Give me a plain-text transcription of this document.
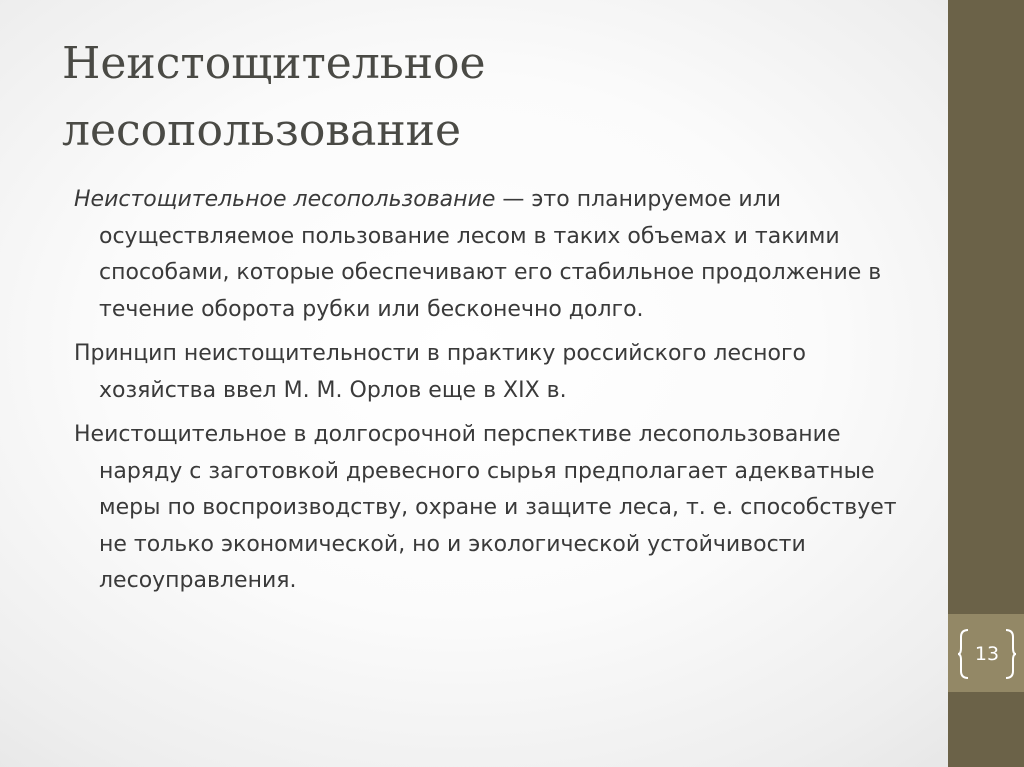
13
Неистощительное
лесопользование

Неистощительное лесопользование — это планируемое или осуществляемое пользование лесом в таких объемах и такими способами, которые обеспечивают его стабильное продолжение в течение оборота рубки или бесконечно долго.

Принцип неистощительности в практику российского лесного хозяйства ввел М. М. Орлов еще в XIX в.

Неистощительное в долгосрочной перспективе лесопользование наряду с заготовкой древесного сырья предполагает адекватные меры по воспроизводству, охране и защите леса, т. е. способствует не только экономической, но и экологической устойчивости лесоуправления.
